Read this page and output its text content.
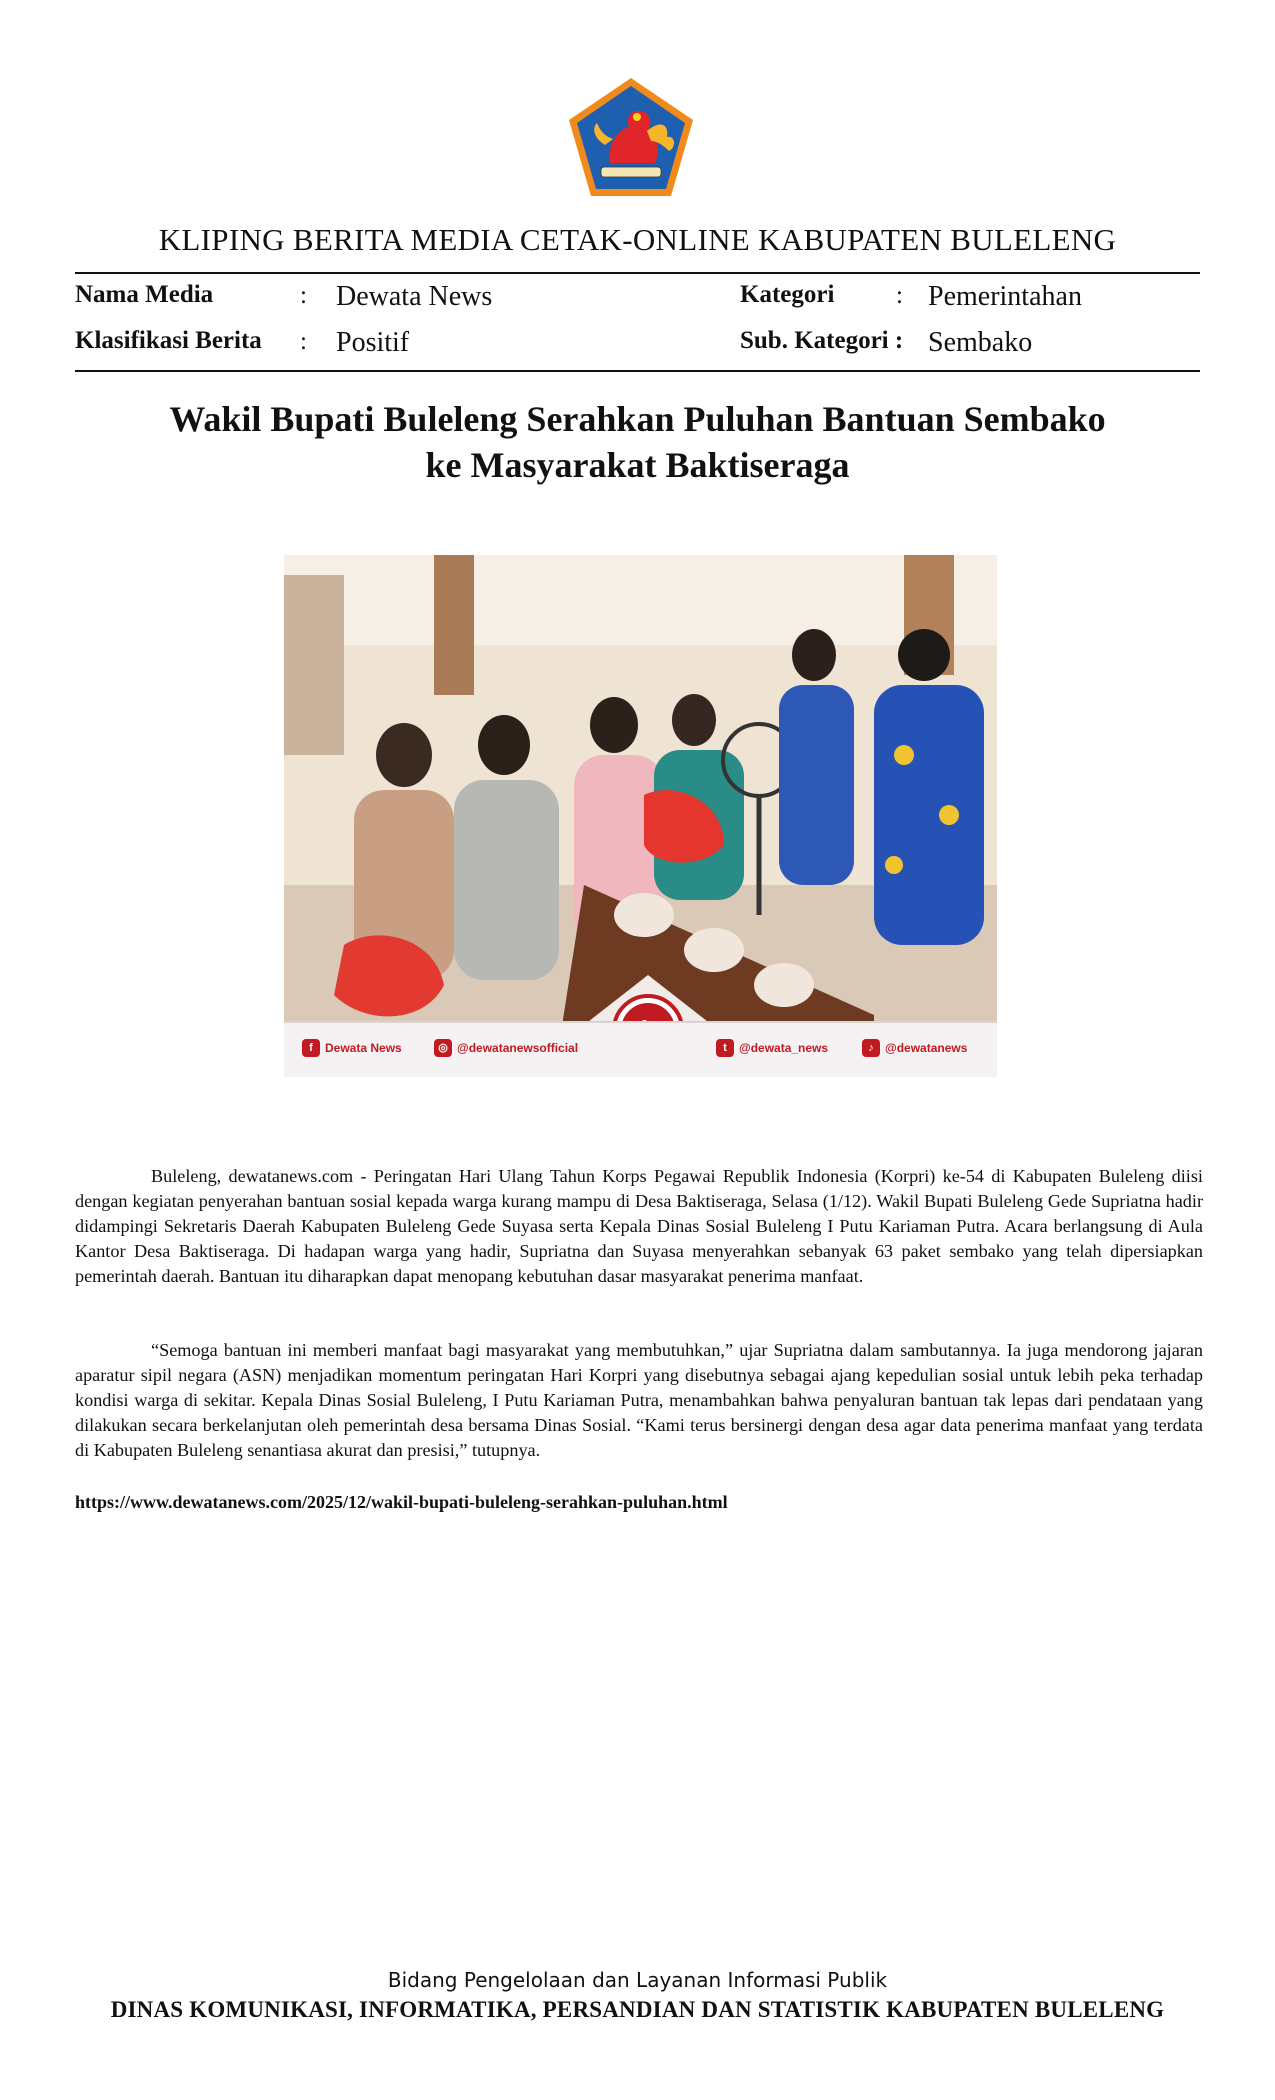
KLIPING BERITA MEDIA CETAK-ONLINE KABUPATEN BULELENG
Nama Media	: Dewata News	Kategori : Pemerintahan
Klasifikasi Berita : Positif	Sub. Kategori : Sembako
Wakil Bupati Buleleng Serahkan Puluhan Bantuan Sembako
ke Masyarakat Baktiseraga
f	Dewata News	◎ @dewatanewsofficial	t	@dewata_news	♪ @dewatanews

Buleleng, dewatanews.com - Peringatan Hari Ulang Tahun Korps Pegawai Republik Indonesia (Korpri) ke-54 di Kabupaten Buleleng diisi dengan kegiatan penyerahan bantuan sosial kepada warga kurang mampu di Desa Baktiseraga, Selasa (1/12). Wakil Bupati Buleleng Gede Supriatna hadir didampingi Sekretaris Daerah Kabupaten Buleleng Gede Suyasa serta Kepala Dinas Sosial Buleleng I Putu Kariaman Putra. Acara berlangsung di Aula Kantor Desa Baktiseraga. Di hadapan warga yang hadir, Supriatna dan Suyasa menyerahkan sebanyak 63 paket sembako yang telah dipersiapkan pemerintah daerah. Bantuan itu diharapkan dapat menopang kebutuhan dasar masyarakat penerima manfaat.

“Semoga bantuan ini memberi manfaat bagi masyarakat yang membutuhkan,” ujar Supriatna dalam sambutannya. Ia juga mendorong jajaran aparatur sipil negara (ASN) menjadikan momentum peringatan Hari Korpri yang disebutnya sebagai ajang kepedulian sosial untuk lebih peka terhadap kondisi warga di sekitar. Kepala Dinas Sosial Buleleng, I Putu Kariaman Putra, menambahkan bahwa penyaluran bantuan tak lepas dari pendataan yang dilakukan secara berkelanjutan oleh pemerintah desa bersama Dinas Sosial. “Kami terus bersinergi dengan desa agar data penerima manfaat yang terdata di Kabupaten Buleleng senantiasa akurat dan presisi,” tutupnya.

https://www.dewatanews.com/2025/12/wakil-bupati-buleleng-serahkan-puluhan.html
Bidang Pengelolaan dan Layanan Informasi Publik
DINAS KOMUNIKASI, INFORMATIKA, PERSANDIAN DAN STATISTIK KABUPATEN BULELENG
